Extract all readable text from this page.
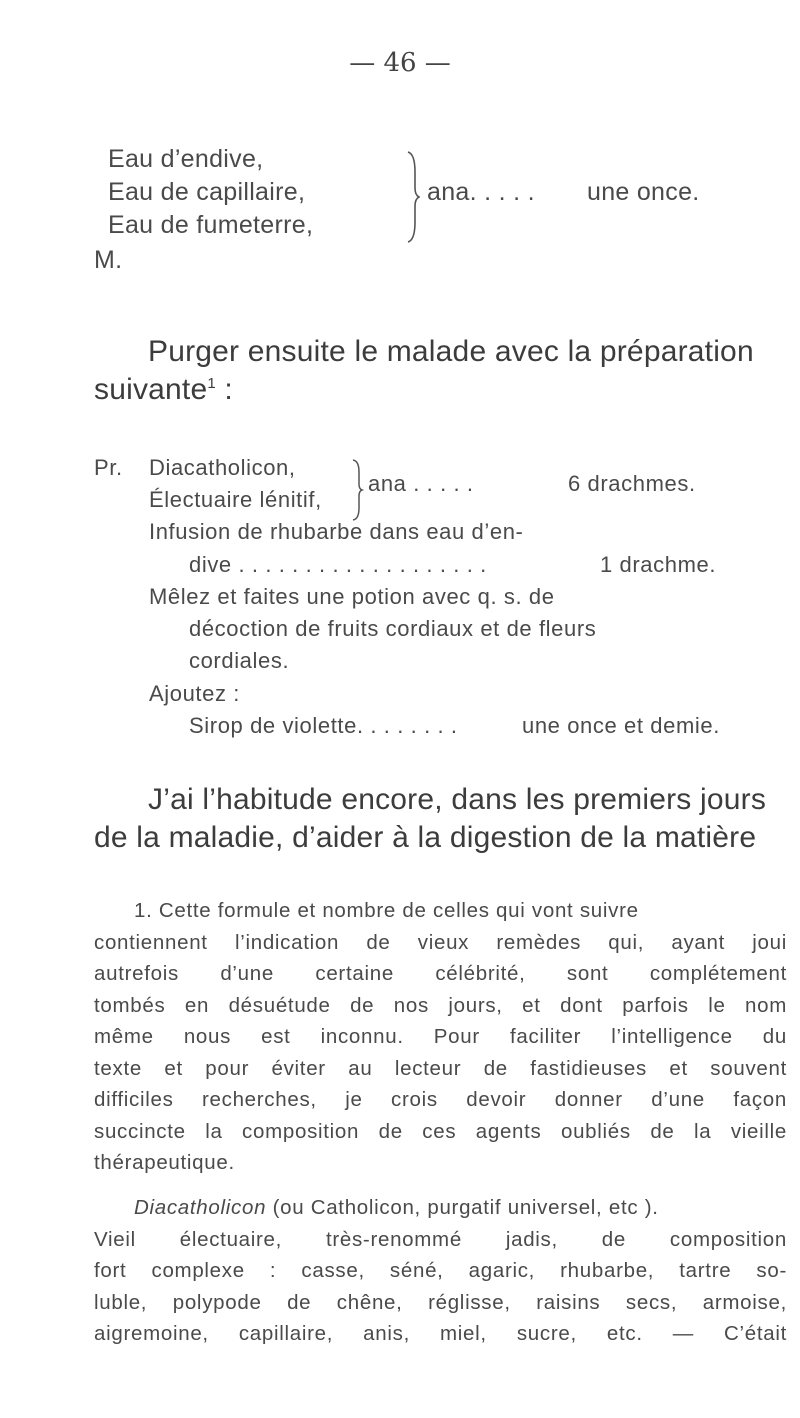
— 46 —
Eau d’endive,
Eau de capillaire,
Eau de fumeterre,
ana. . . . . une once.
M.
Purger ensuite le malade avec la préparation
suivante$^1$ :
Pr. Diacatholicon,
Électuaire lénitif,
ana . . . . .	6 drachmes.
Infusion de rhubarbe dans eau d’en-
dive . . . . . . . . . . . . . . . . . . .	1 drachme.
Mêlez et faites une potion avec q. s. de
décoction de fruits cordiaux et de fleurs
cordiales.
Ajoutez :
Sirop de violette. . . . . . . .	une once et demie.
J’ai l’habitude encore, dans les premiers jours
de la maladie, d’aider à la digestion de la matière
1. Cette formule et nombre de celles qui vont suivre
contiennent l’indication de vieux remèdes qui, ayant joui
autrefois d’une certaine célébrité, sont complétement
tombés en désuétude de nos jours, et dont parfois le nom
même nous est inconnu. Pour faciliter l’intelligence du
texte et pour éviter au lecteur de fastidieuses et souvent
difficiles recherches, je crois devoir donner d’une façon
succincte la composition de ces agents oubliés de la vieille
thérapeutique.
Diacatholicon (ou Catholicon, purgatif universel, etc ).
Vieil électuaire, très-renommé jadis, de composition
fort complexe : casse, séné, agaric, rhubarbe, tartre so-
luble, polypode de chêne, réglisse, raisins secs, armoise,
aigremoine, capillaire, anis, miel, sucre, etc. — C’était
